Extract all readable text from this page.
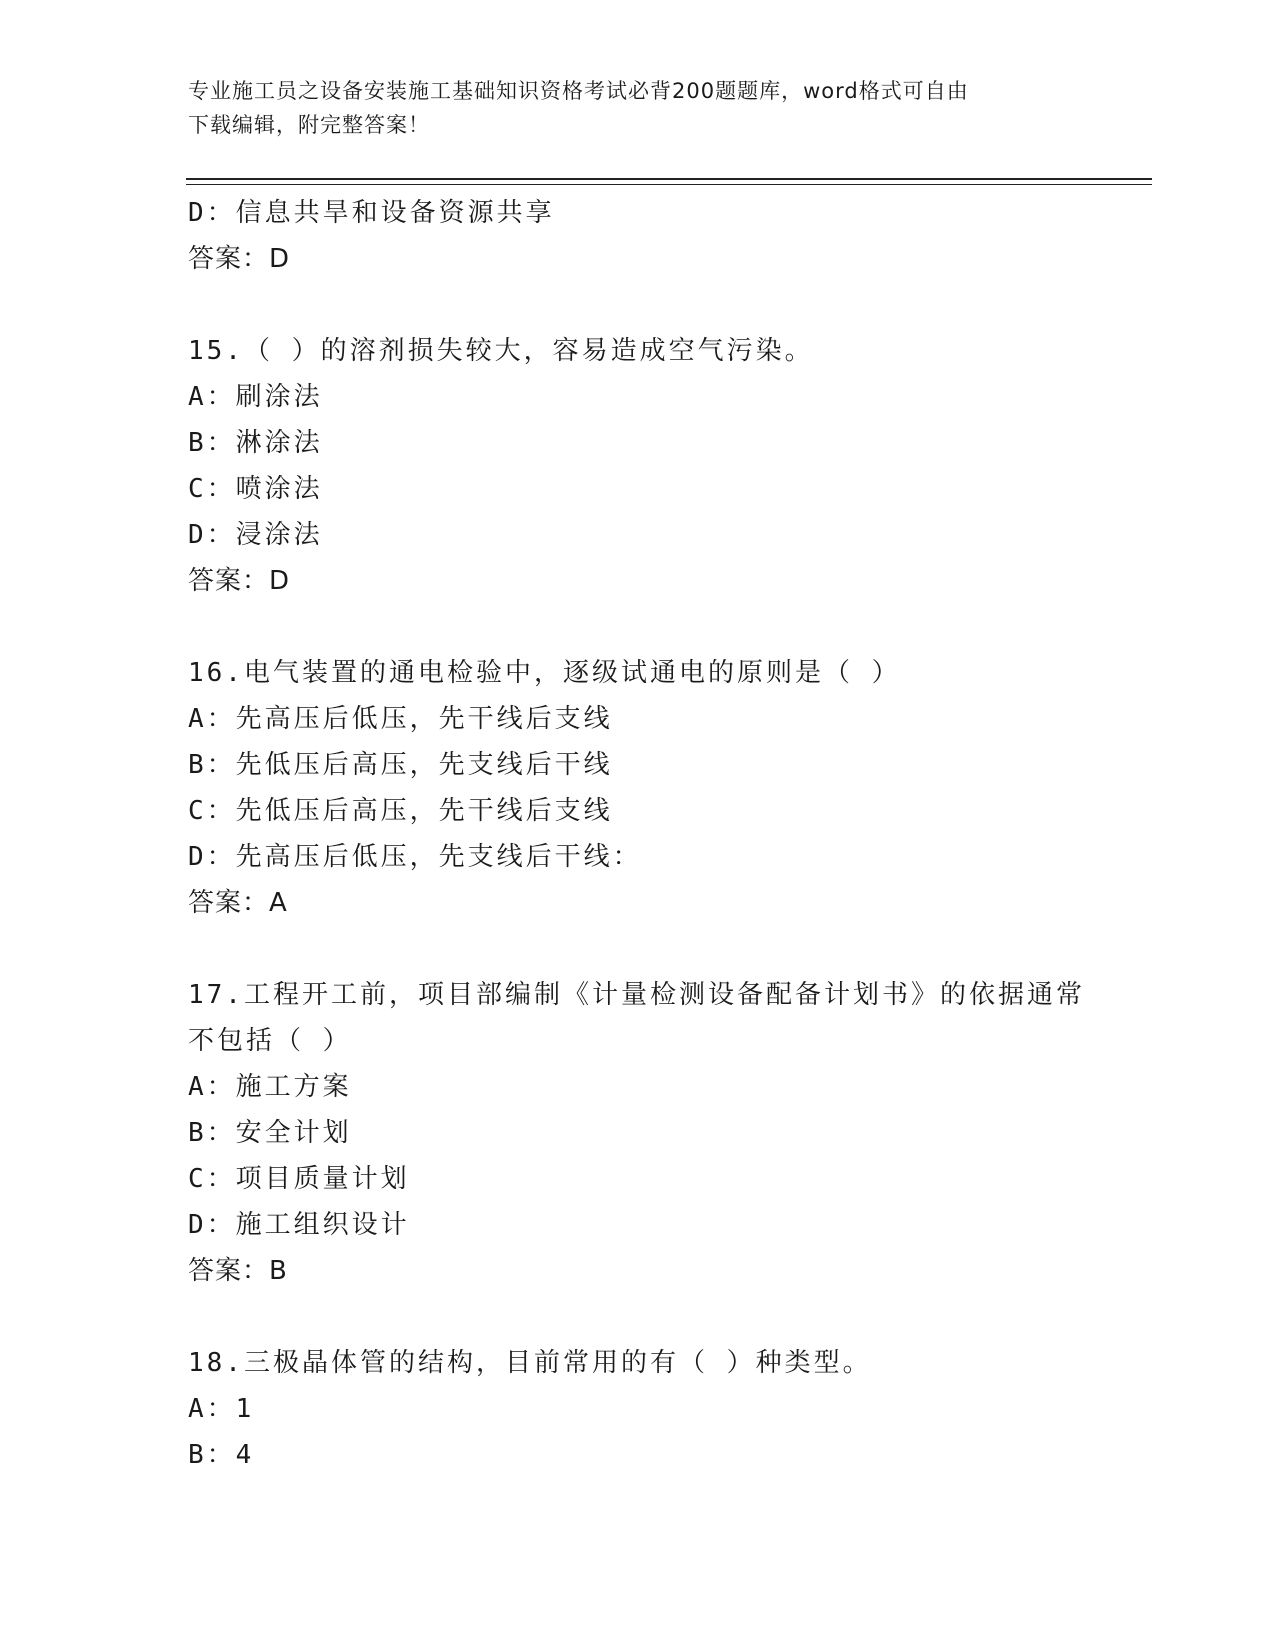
专业施工员之设备安装施工基础知识资格考试必背200题题库，word格式可自由
下载编辑，附完整答案！
D：信息共旱和设备资源共享
答案：D
15.（ ）的溶剂损失较大，容易造成空气污染。
A：刷涂法
B：淋涂法
C：喷涂法
D：浸涂法
答案：D
16.电气装置的通电检验中，逐级试通电的原则是（ ）
A：先高压后低压，先干线后支线
B：先低压后高压，先支线后干线
C：先低压后高压，先干线后支线
D：先高压后低压，先支线后干线：
答案：A
17.工程开工前，项目部编制《计量检测设备配备计划书》的依据通常
不包括（ ）
A：施工方案
B：安全计划
C：项目质量计划
D：施工组织设计
答案：B
18.三极晶体管的结构，目前常用的有（ ）种类型。
A：1
B：4
